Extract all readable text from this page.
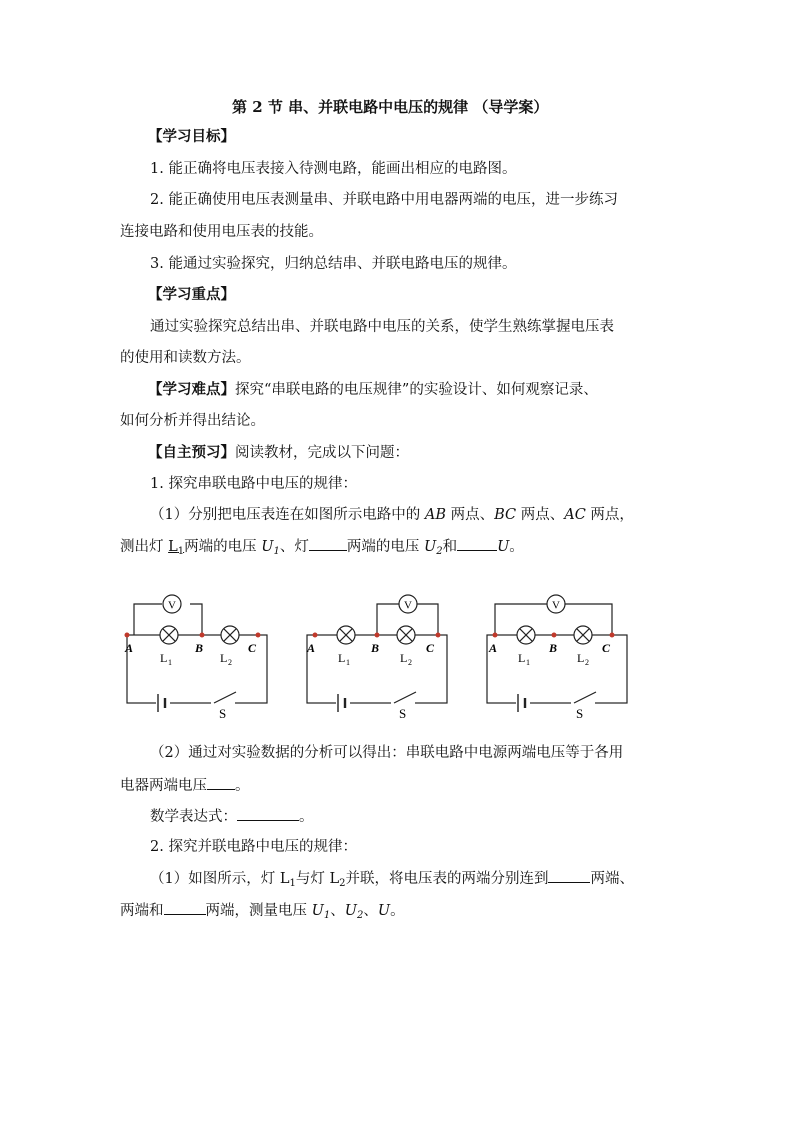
第 2 节 串、并联电路中电压的规律 （导学案）
【学习目标】
1. 能正确将电压表接入待测电路，能画出相应的电路图。
2. 能正确使用电压表测量串、并联电路中用电器两端的电压，进一步练习
连接电路和使用电压表的技能。
3. 能通过实验探究，归纳总结串、并联电路电压的规律。
【学习重点】
通过实验探究总结出串、并联电路中电压的关系，使学生熟练掌握电压表
的使用和读数方法。
【学习难点】探究“串联电路的电压规律”的实验设计、如何观察记录、
如何分析并得出结论。
【自主预习】阅读教材，完成以下问题：
1. 探究串联电路中电压的规律：
（1）分别把电压表连在如图所示电路中的 AB 两点、BC 两点、AC 两点，
测出灯 $L_1$两端的电压 $U_1$、灯	两端的电压 $U_2$和	U。
V
A	B	C
L 1	L 2
S
V
A	B	C
L 1	L 2
S
V
A	B	C
L 1	L 2
S
（2）通过对实验数据的分析可以得出：串联电路中电源两端电压等于各用
电器两端电压 。
数学表达式：	。
2. 探究并联电路中电压的规律：
（1）如图所示，灯 $L_1$与灯 $L_2$并联，将电压表的两端分别连到	两端、
两端和	两端，测量电压 $U_1$、$U_2$、U。
